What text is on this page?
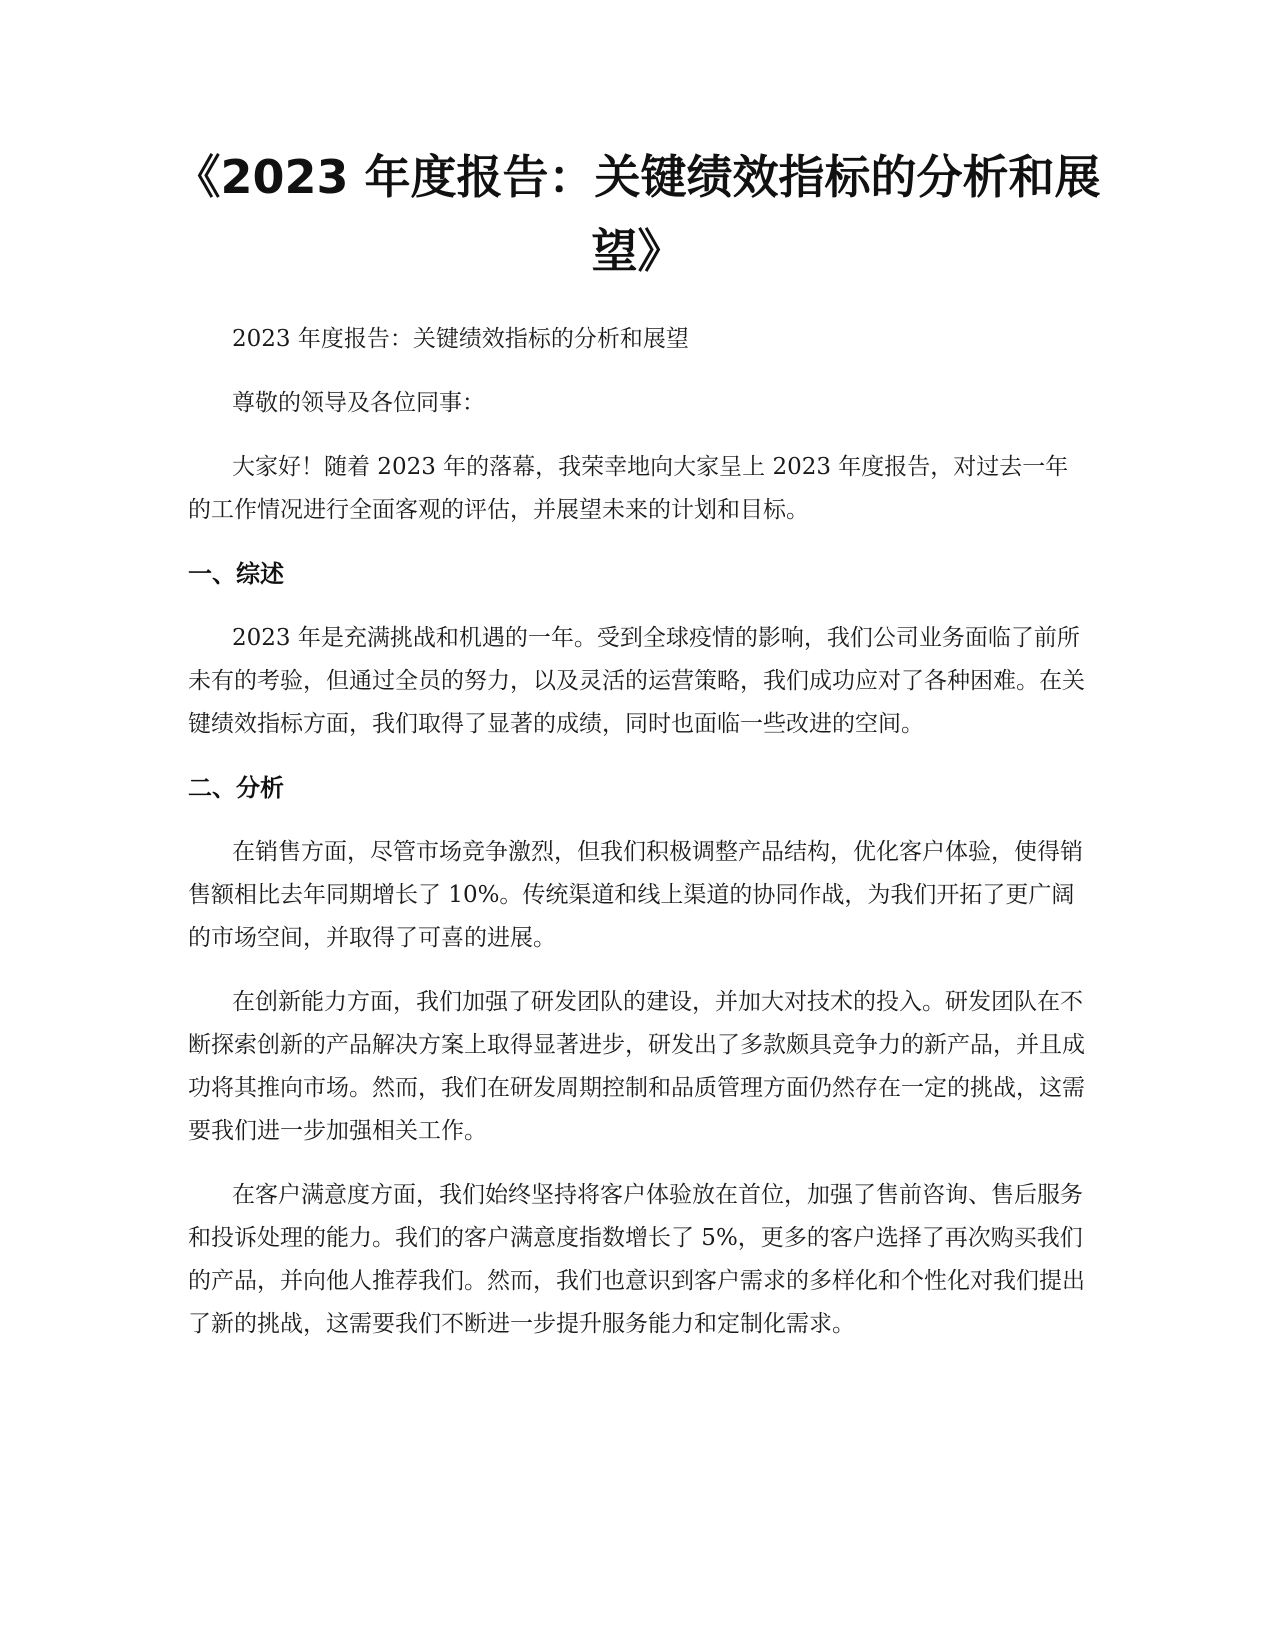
《2023 年度报告：关键绩效指标的分析和展望》

2023 年度报告：关键绩效指标的分析和展望

尊敬的领导及各位同事：

大家好！随着 2023 年的落幕，我荣幸地向大家呈上 2023 年度报告，对过去一年的工作情况进行全面客观的评估，并展望未来的计划和目标。

一、综述

2023 年是充满挑战和机遇的一年。受到全球疫情的影响，我们公司业务面临了前所未有的考验，但通过全员的努力，以及灵活的运营策略，我们成功应对了各种困难。在关键绩效指标方面，我们取得了显著的成绩，同时也面临一些改进的空间。

二、分析

在销售方面，尽管市场竞争激烈，但我们积极调整产品结构，优化客户体验，使得销售额相比去年同期增长了 10%。传统渠道和线上渠道的协同作战，为我们开拓了更广阔的市场空间，并取得了可喜的进展。

在创新能力方面，我们加强了研发团队的建设，并加大对技术的投入。研发团队在不断探索创新的产品解决方案上取得显著进步，研发出了多款颇具竞争力的新产品，并且成功将其推向市场。然而，我们在研发周期控制和品质管理方面仍然存在一定的挑战，这需要我们进一步加强相关工作。

在客户满意度方面，我们始终坚持将客户体验放在首位，加强了售前咨询、售后服务和投诉处理的能力。我们的客户满意度指数增长了 5%，更多的客户选择了再次购买我们的产品，并向他人推荐我们。然而，我们也意识到客户需求的多样化和个性化对我们提出了新的挑战，这需要我们不断进一步提升服务能力和定制化需求。
